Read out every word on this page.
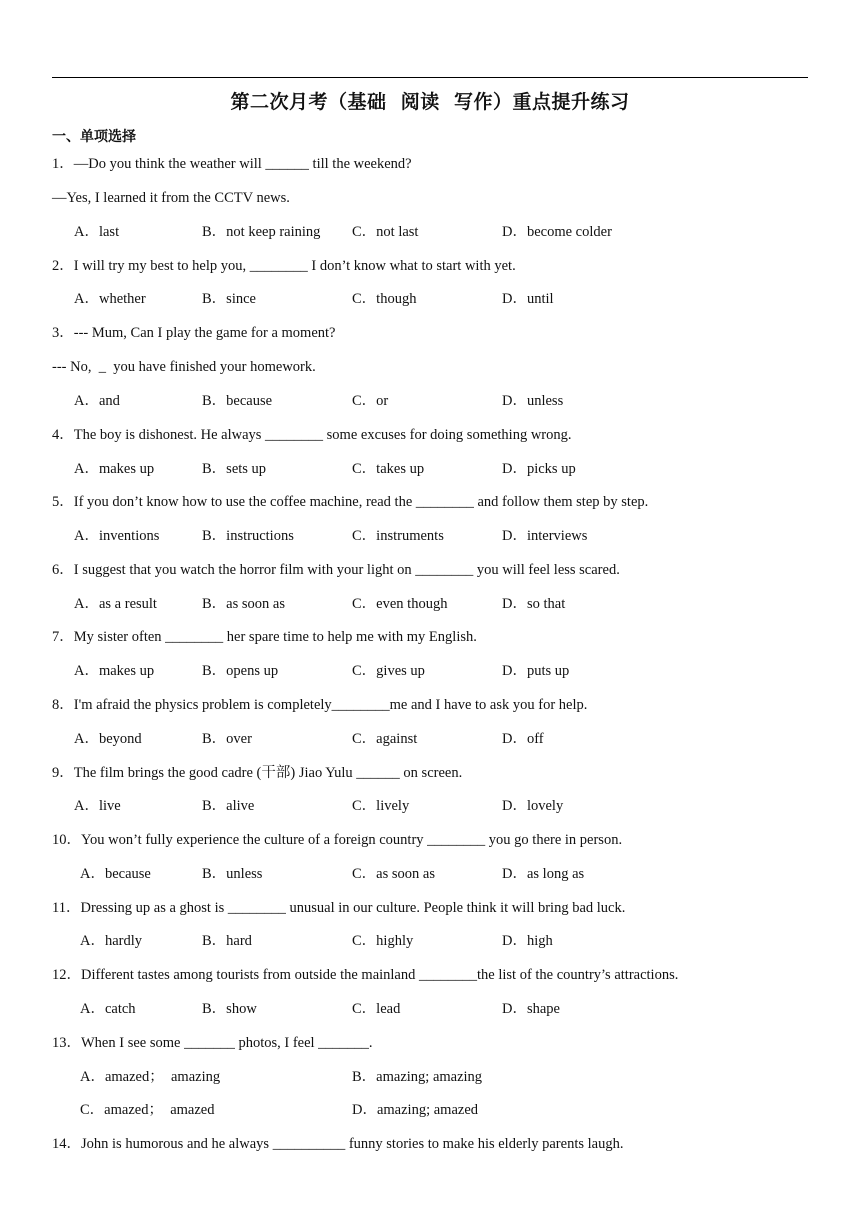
第二次月考（基础  阅读  写作）重点提升练习
一、单项选择
1．—Do you think the weather will ______ till the weekend?
—Yes, I learned it from the CCTV news.
A．last	B．not keep raining C．not last	D．become colder
2．I will try my best to help you, ________ I don’t know what to start with yet.
A．whether	B．since	C．though	D．until
3．--- Mum, Can I play the game for a moment?
--- No,  _  you have finished your homework.
A．and	B．because	C．or	D．unless
4．The boy is dishonest. He always ________ some excuses for doing something wrong.
A．makes up	B．sets up	C．takes up	D．picks up
5．If you don’t know how to use the coffee machine, read the ________ and follow them step by step.
A．inventions	B．instructions	C．instruments	D．interviews
6．I suggest that you watch the horror film with your light on ________ you will feel less scared.
A．as a result	B．as soon as	C．even though	D．so that
7．My sister often ________ her spare time to help me with my English.
A．makes up	B．opens up	C．gives up	D．puts up
8．I'm afraid the physics problem is completely________me and I have to ask you for help.
A．beyond	B．over	C．against	D．off
9．The film brings the good cadre (干部) Jiao Yulu ______ on screen.
A．live	B．alive	C．lively	D．lovely
10．You won’t fully experience the culture of a foreign country ________ you go there in person.
A．because	B．unless	C．as soon as	D．as long as
11．Dressing up as a ghost is ________ unusual in our culture. People think it will bring bad luck.
A．hardly	B．hard	C．highly	D．high
12．Different tastes among tourists from outside the mainland ________the list of the country’s attractions.
A．catch	B．show	C．lead	D．shape
13．When I see some _______ photos, I feel _______.
A．amazed；  amazing	B．amazing; amazing
C．amazed；  amazed	D．amazing; amazed
14．John is humorous and he always __________ funny stories to make his elderly parents laugh.
